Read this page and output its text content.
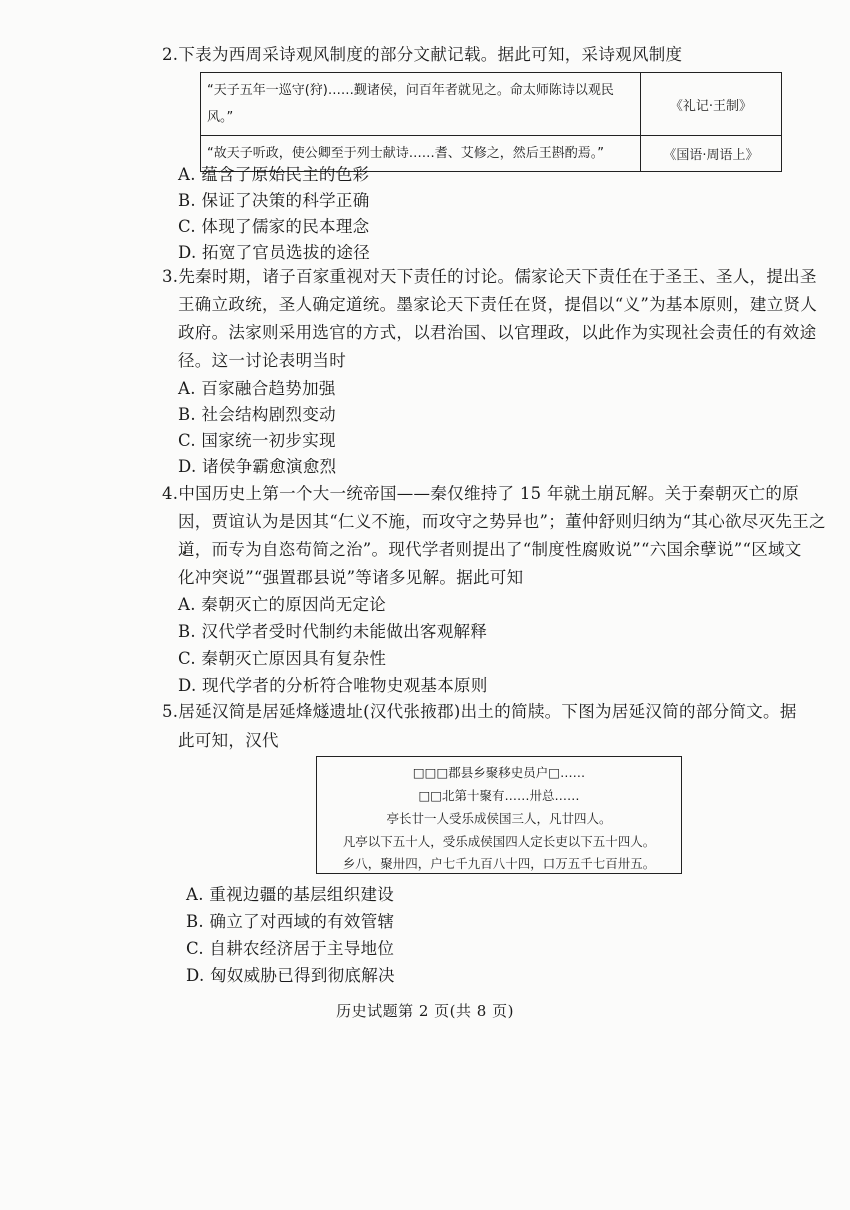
2.下表为西周采诗观风制度的部分文献记载。据此可知，采诗观风制度
“天子五年一巡守(狩)……觐诸侯，问百年者就见之。命太师陈诗以观民风。”	《礼记·王制》
“故天子听政，使公卿至于列士献诗……耆、艾修之，然后王斟酌焉。”	《国语·周语上》
A. 蕴含了原始民主的色彩
B. 保证了决策的科学正确
C. 体现了儒家的民本理念
D. 拓宽了官员选拔的途径
3.先秦时期，诸子百家重视对天下责任的讨论。儒家论天下责任在于圣王、圣人，提出圣
王确立政统，圣人确定道统。墨家论天下责任在贤，提倡以“义”为基本原则，建立贤人
政府。法家则采用选官的方式，以君治国、以官理政，以此作为实现社会责任的有效途
径。这一讨论表明当时
A. 百家融合趋势加强
B. 社会结构剧烈变动
C. 国家统一初步实现
D. 诸侯争霸愈演愈烈
4.中国历史上第一个大一统帝国——秦仅维持了 15 年就土崩瓦解。关于秦朝灭亡的原
因，贾谊认为是因其“仁义不施，而攻守之势异也”；董仲舒则归纳为“其心欲尽灭先王之
道，而专为自恣苟简之治”。现代学者则提出了“制度性腐败说”“六国余孽说”“区域文
化冲突说”“强置郡县说”等诸多见解。据此可知
A. 秦朝灭亡的原因尚无定论
B. 汉代学者受时代制约未能做出客观解释
C. 秦朝灭亡原因具有复杂性
D. 现代学者的分析符合唯物史观基本原则
5.居延汉简是居延烽燧遗址(汉代张掖郡)出土的简牍。下图为居延汉简的部分简文。据
此可知，汉代
□□□郡县乡聚移史员户□……
□□北第十聚有……卅总……
亭长廿一人受乐成侯国三人，凡廿四人。
凡亭以下五十人，受乐成侯国四人定长吏以下五十四人。
乡八，聚卅四，户七千九百八十四，口万五千七百卅五。
A. 重视边疆的基层组织建设
B. 确立了对西域的有效管辖
C. 自耕农经济居于主导地位
D. 匈奴威胁已得到彻底解决
历史试题第 2 页(共 8 页)
